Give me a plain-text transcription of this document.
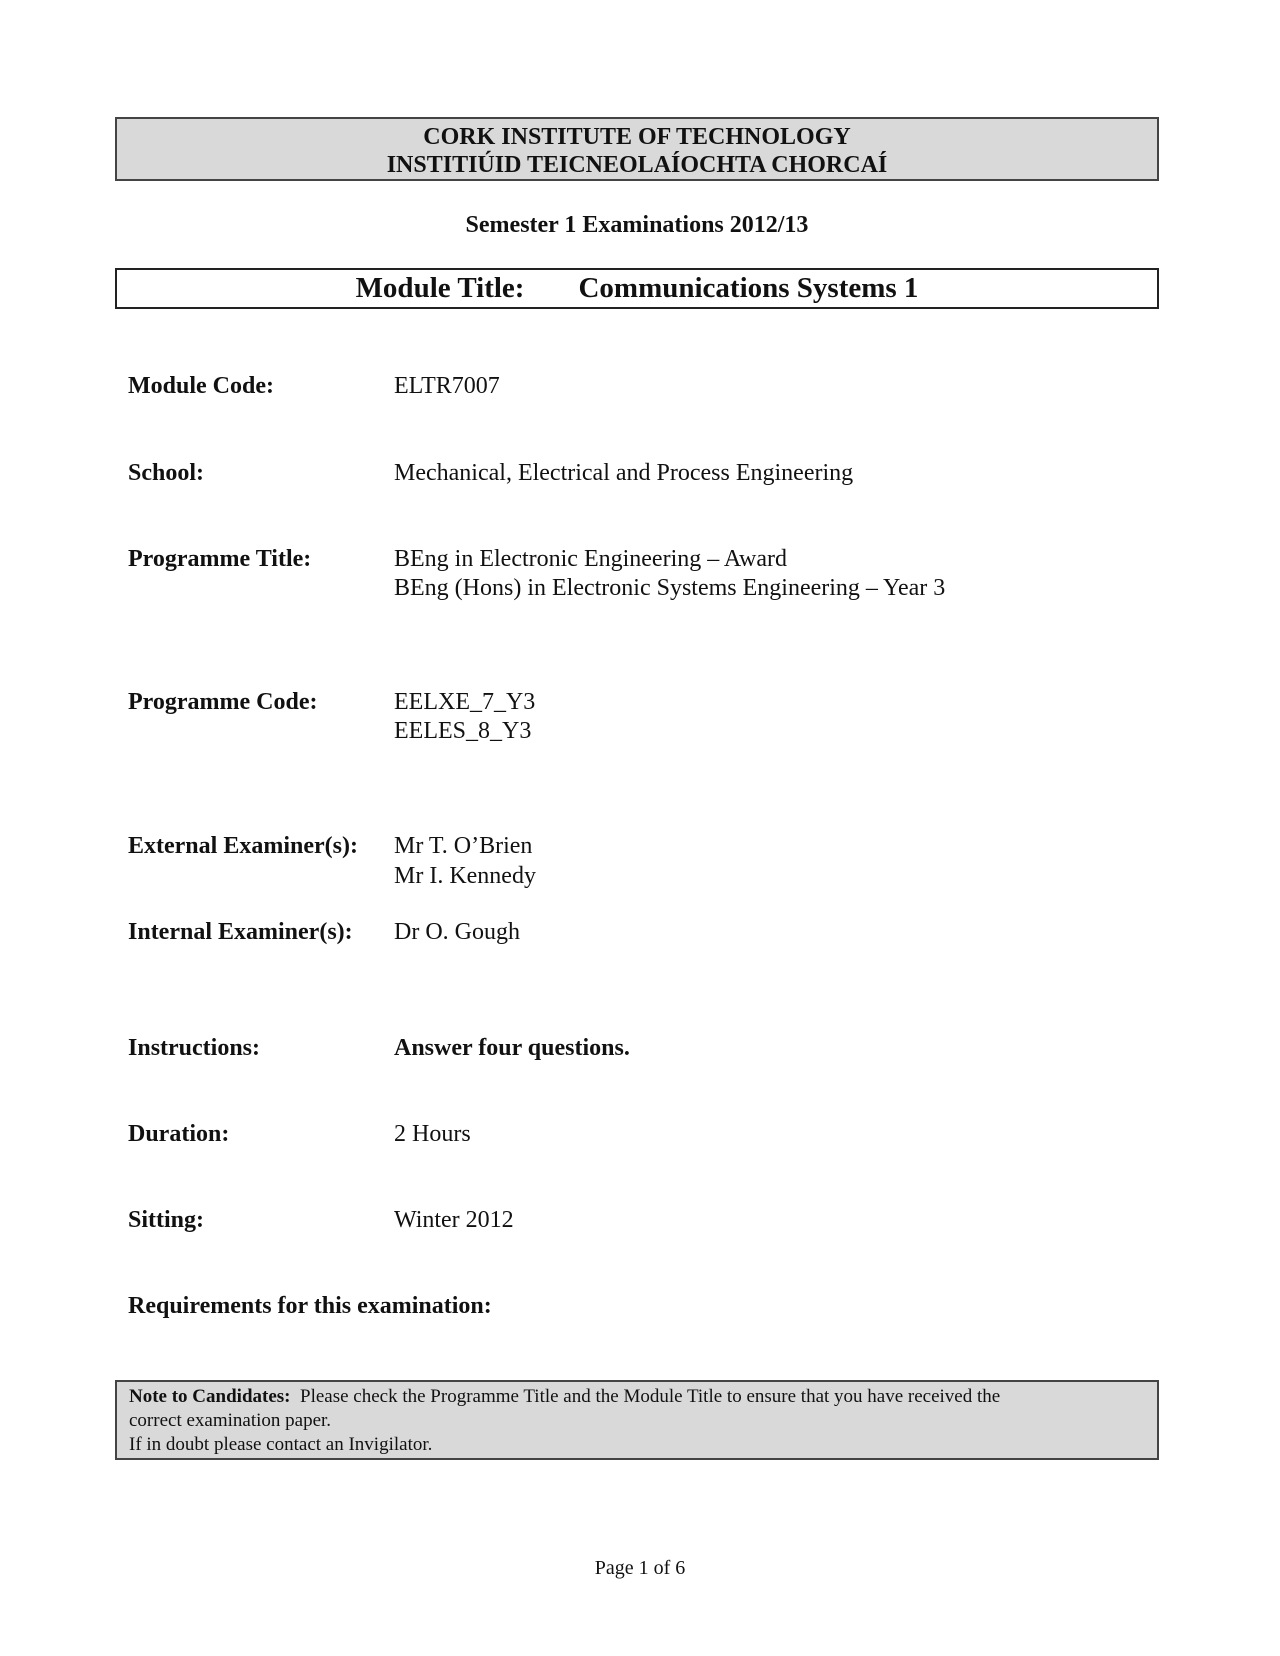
CORK INSTITUTE OF TECHNOLOGY
INSTITIÚID TEICNEOLAÍOCHTA CHORCAÍ
Semester 1 Examinations 2012/13
Module Title: Communications Systems 1
Module Code:	ELTR7007
School:	Mechanical, Electrical and Process Engineering
Programme Title:	BEng in Electronic Engineering – Award
BEng (Hons) in Electronic Systems Engineering – Year 3
Programme Code:	EELXE_7_Y3
EELES_8_Y3
External Examiner(s):	Mr T. O’Brien
Mr I. Kennedy
Internal Examiner(s):	Dr O. Gough
Instructions:	Answer four questions.
Duration:	2 Hours
Sitting:	Winter 2012
Requirements for this examination:
Note to Candidates: Please check the Programme Title and the Module Title to ensure that you have received the
correct examination paper.
If in doubt please contact an Invigilator.
Page 1 of 6
